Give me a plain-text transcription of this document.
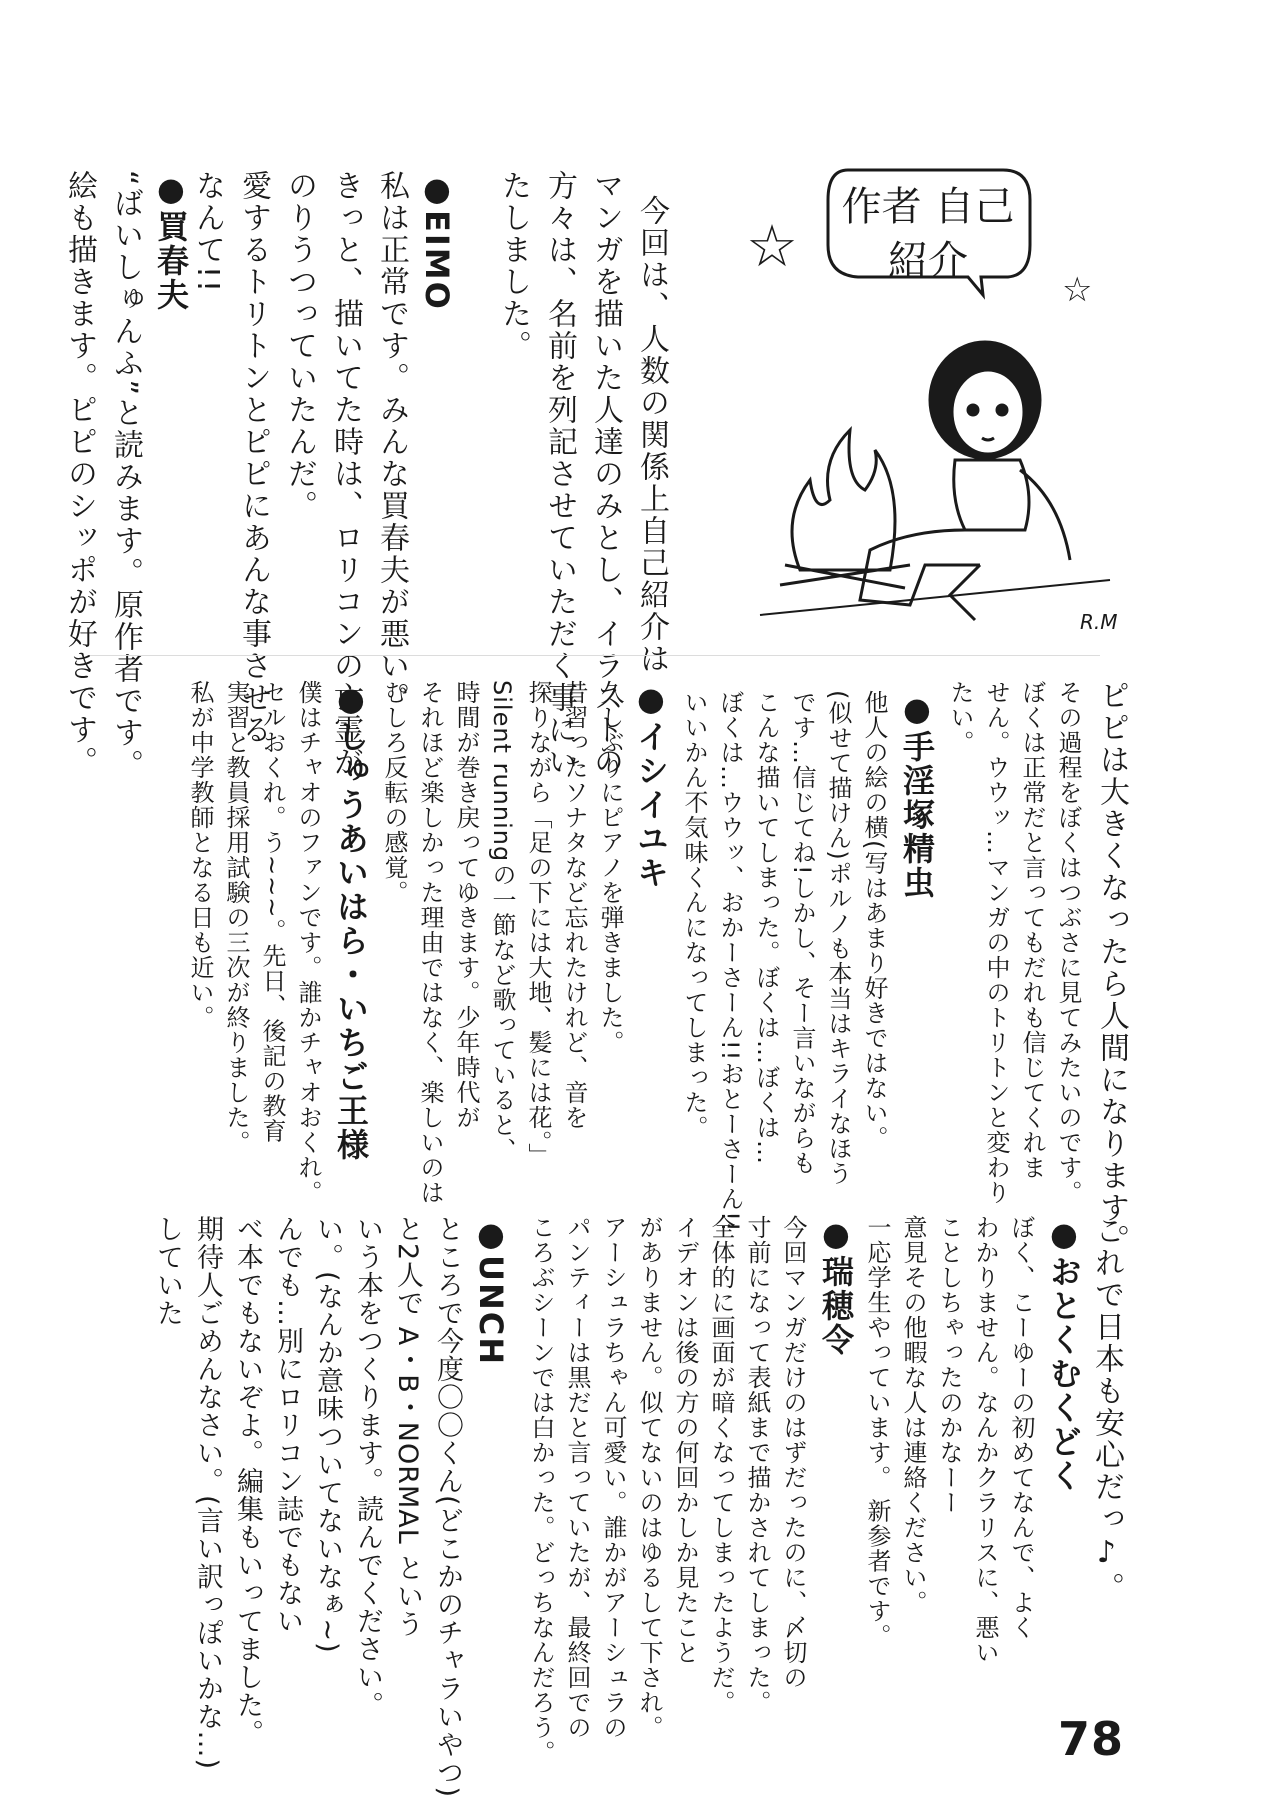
☆
☆
作者 自己紹介
R.M
今回は、人数の関係上自己紹介は
マンガを描いた人達のみとし、イラストの
方々は、名前を列記させていただく事にい
たしました。
●EIMO
私は正常です。みんな買春夫が悪い。
きっと、描いてた時は、ロリコンの亡霊が
のりうつっていたんだ。
愛するトリトンとピピにあんな事させる
なんて!!
●買春夫
“ばいしゅんふ”と読みます。原作者です。
絵も描きます。ピピのシッポが好きです。
ピピは大きくなったら人間になります。
その過程をぼくはつぶさに見てみたいのです。
ぼくは正常だと言ってもだれも信じてくれま
せん。ウウッ…マンガの中のトリトンと変わり
たい。
●手淫塚精虫
他人の絵の横(写はあまり好きではない。
(似せて描けん)ポルノも本当はキライなほう
です…信じてね!しかし、そー言いながらも
こんな描いてしまった。ぼくは…ぼくは…
ぼくは…ウウッ、おかーさーん!!おとーさーん!!
いいかん不気味くんになってしまった。
●イシイユキ
久しぶりにピアノを弾きました。
昔習ったソナタなど忘れたけれど、音を
探りながら「足の下には大地、髪には花。」
Silent runningの一節など歌っていると、
時間が巻き戻ってゆきます。少年時代が
それほど楽しかった理由ではなく、楽しいのは
むしろ反転の感覚。
●しゅうあいはら・いちご王様
僕はチャオのファンです。誰かチャオおくれ。
セルおくれ。う~~~。先日、後記の教育
実習と教員採用試験の三次が終りました。
私が中学教師となる日も近い。
これで日本も安心だっ♪。
●おとくむくどく
ぼく、こーゆーの初めてなんで、よく
わかりません。なんかクラリスに、悪い
ことしちゃったのかなーー
意見その他暇な人は連絡ください。
一応学生やっています。 新参者です。
●瑞穂令
今回マンガだけのはずだったのに、〆切の
寸前になって表紙まで描かされてしまった。
全体的に画面が暗くなってしまったようだ。
イデオンは後の方の何回かしか見たこと
がありません。似てないのはゆるして下され。
アーシュラちゃん可愛い。誰かがアーシュラの
パンティーは黒だと言っていたが、最終回での
ころぶシーンでは白かった。どっちなんだろう。
●UNCH
ところで今度〇〇くん(どこかのチャラいやつ)
と2人で A・B・NORMAL という
いう本をつくります。読んでください。
い。(なんか意味ついてないなぁ~)
んでも…別にロリコン誌でもない
べ本でもないぞよ。編集もいってました。
期待人ごめんなさい。(言い訳っぽいかな…)
していた
78
